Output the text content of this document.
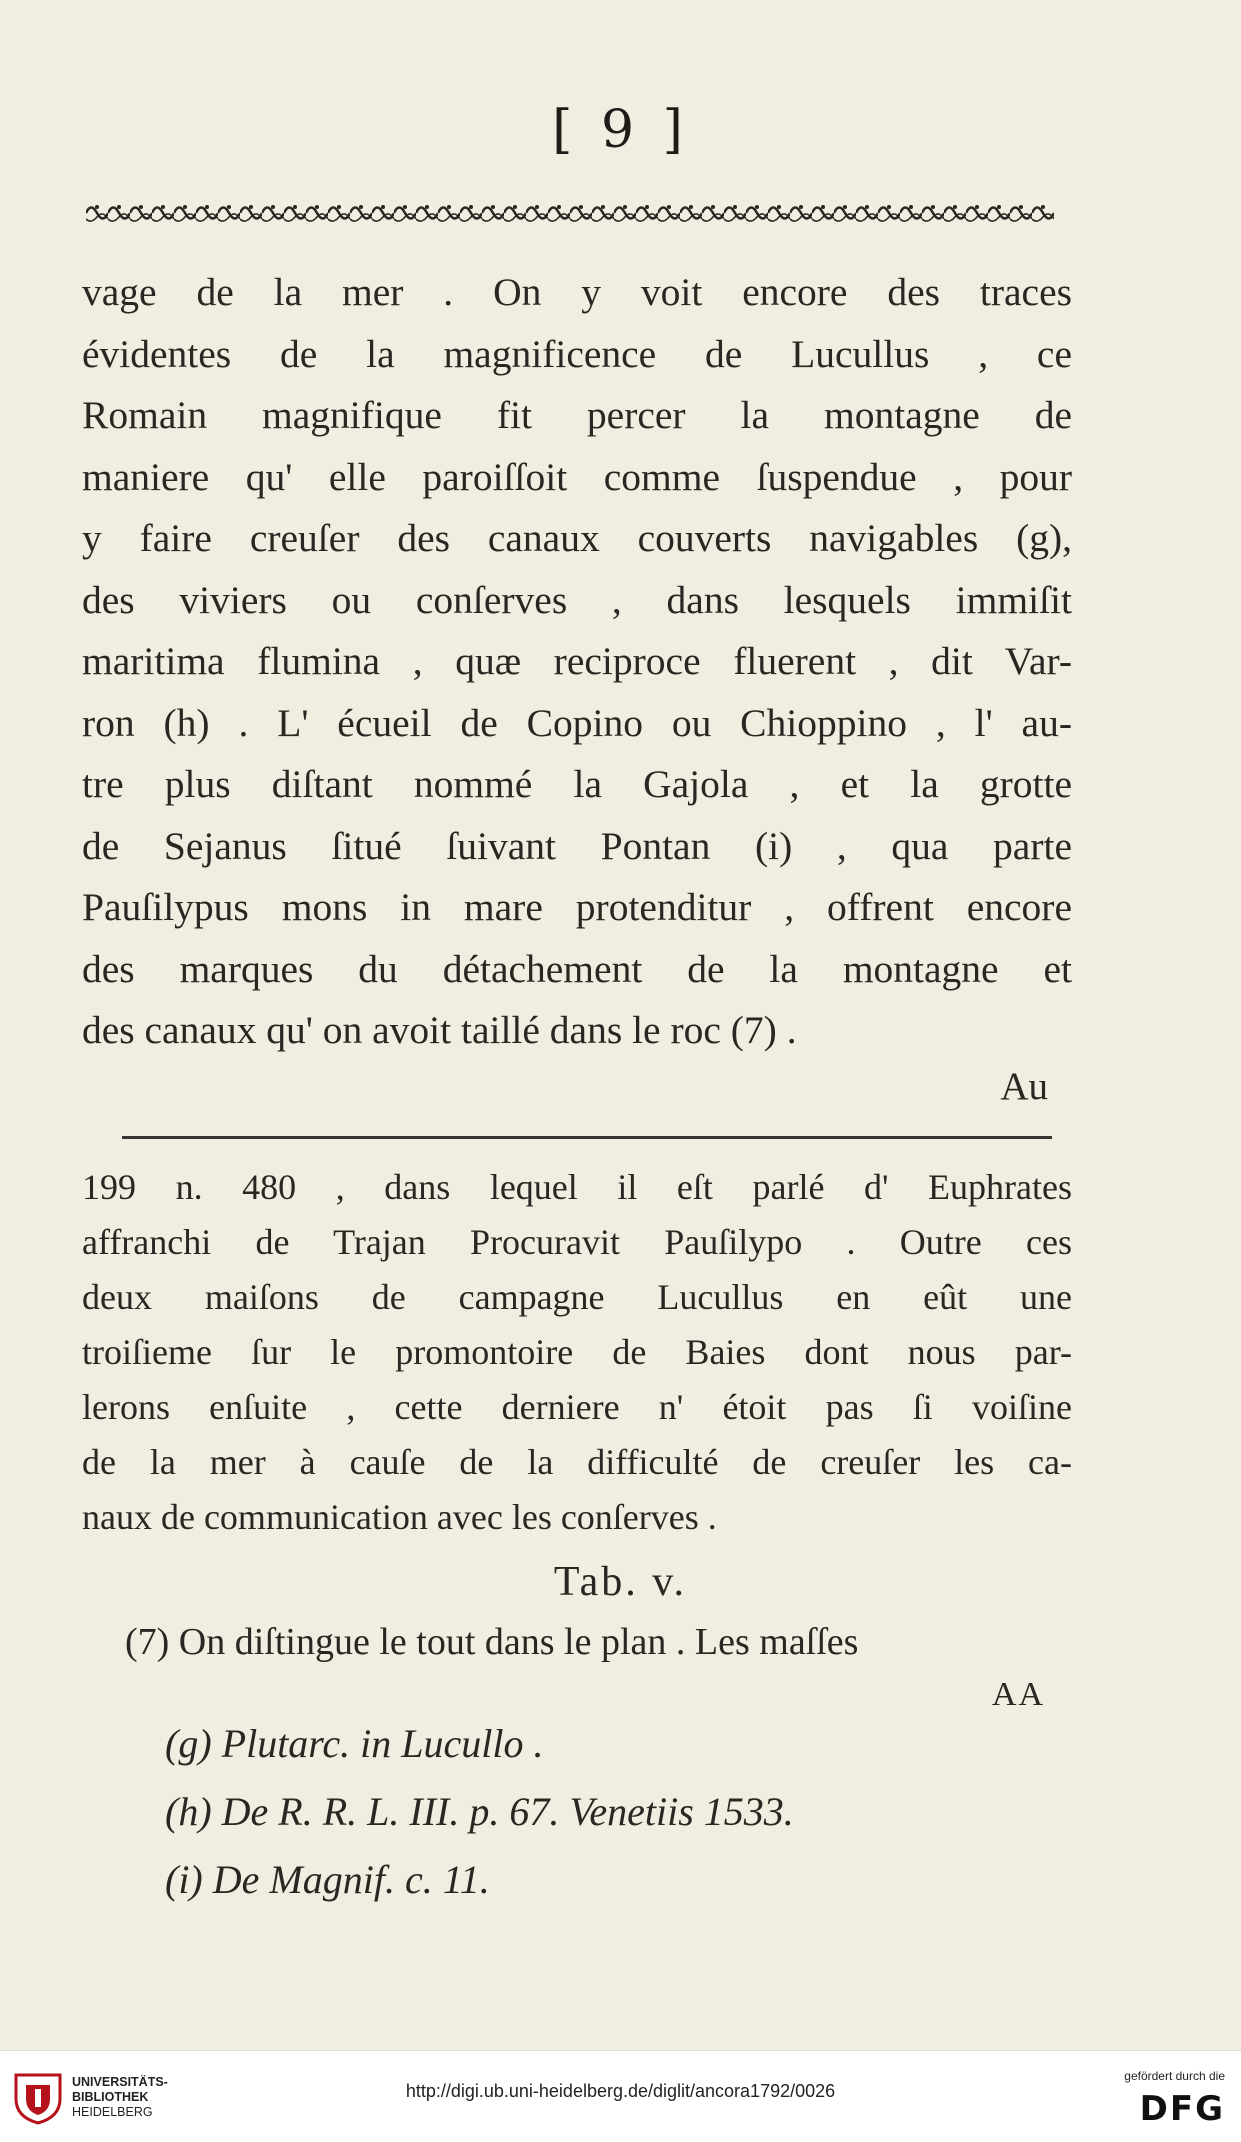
[ 9 ]
vage de la mer . On y voit encore des traces
évidentes de la magnificence de Lucullus , ce
Romain magnifique fit percer la montagne de
maniere qu' elle paroiſſoit comme ſuspendue , pour
y faire creuſer des canaux couverts navigables (g),
des viviers ou conſerves , dans lesquels immiſit
maritima flumina , quæ reciproce fluerent , dit Var-
ron (h) . L' écueil de Copino ou Chioppino , l' au-
tre plus diſtant nommé la Gajola , et la grotte
de Sejanus ſitué ſuivant Pontan (i) , qua parte
Pauſilypus mons in mare protenditur , offrent encore
des marques du détachement de la montagne et
des canaux qu' on avoit taillé dans le roc (7) .
Au
199 n. 480 , dans lequel il eſt parlé d' Euphrates
affranchi de Trajan Procuravit Pauſilypo . Outre ces
deux maiſons de campagne Lucullus en eût une
troiſieme ſur le promontoire de Baies dont nous par-
lerons enſuite , cette derniere n' étoit pas ſi voiſine
de la mer à cauſe de la difficulté de creuſer les ca-
naux de communication avec les conſerves .
Tab. v.
(7) On diſtingue le tout dans le plan . Les maſſes
AA
(g) Plutarc. in Lucullo .
(h) De R. R. L. III. p. 67. Venetiis 1533.
(i) De Magnif. c. 11.
UNIVERSITÄTS-
BIBLIOTHEK
HEIDELBERG
http://digi.ub.uni-heidelberg.de/diglit/ancora1792/0026
gefördert durch die
DFG
